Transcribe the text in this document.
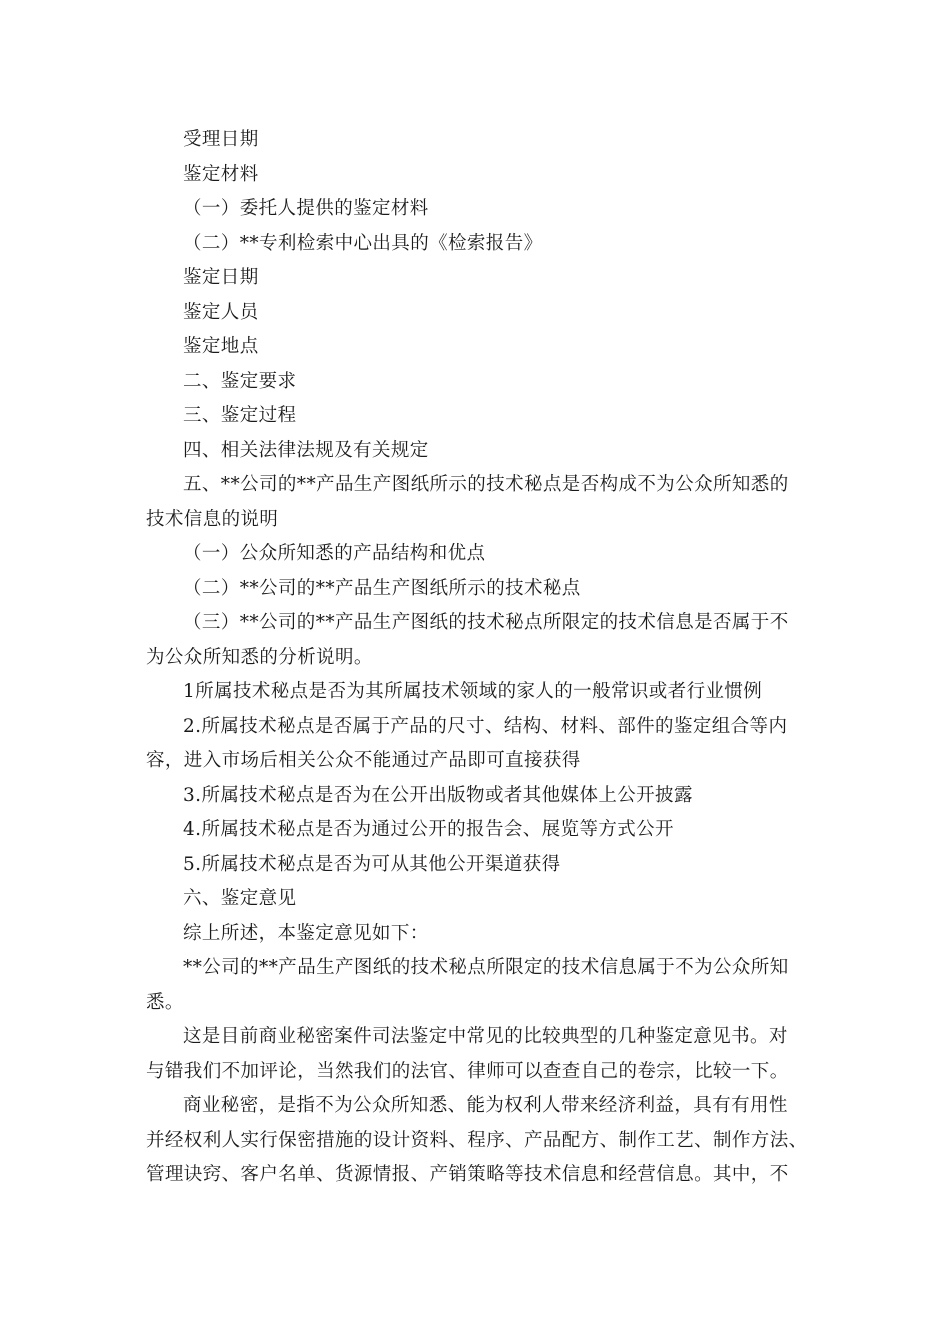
受理日期
鉴定材料
（一）委托人提供的鉴定材料
（二）**专利检索中心出具的《检索报告》
鉴定日期
鉴定人员
鉴定地点
二、鉴定要求
三、鉴定过程
四、相关法律法规及有关规定
五、**公司的**产品生产图纸所示的技术秘点是否构成不为公众所知悉的
技术信息的说明
（一）公众所知悉的产品结构和优点
（二）**公司的**产品生产图纸所示的技术秘点
（三）**公司的**产品生产图纸的技术秘点所限定的技术信息是否属于不
为公众所知悉的分析说明。
1所属技术秘点是否为其所属技术领域的家人的一般常识或者行业惯例
2.所属技术秘点是否属于产品的尺寸、结构、材料、部件的鉴定组合等内
容，进入市场后相关公众不能通过产品即可直接获得
3.所属技术秘点是否为在公开出版物或者其他媒体上公开披露
4.所属技术秘点是否为通过公开的报告会、展览等方式公开
5.所属技术秘点是否为可从其他公开渠道获得
六、鉴定意见
综上所述，本鉴定意见如下：
**公司的**产品生产图纸的技术秘点所限定的技术信息属于不为公众所知
悉。
这是目前商业秘密案件司法鉴定中常见的比较典型的几种鉴定意见书。对
与错我们不加评论，当然我们的法官、律师可以查查自己的卷宗，比较一下。
商业秘密，是指不为公众所知悉、能为权利人带来经济利益，具有有用性
并经权利人实行保密措施的设计资料、程序、产品配方、制作工艺、制作方法、
管理诀窍、客户名单、货源情报、产销策略等技术信息和经营信息。其中，不
